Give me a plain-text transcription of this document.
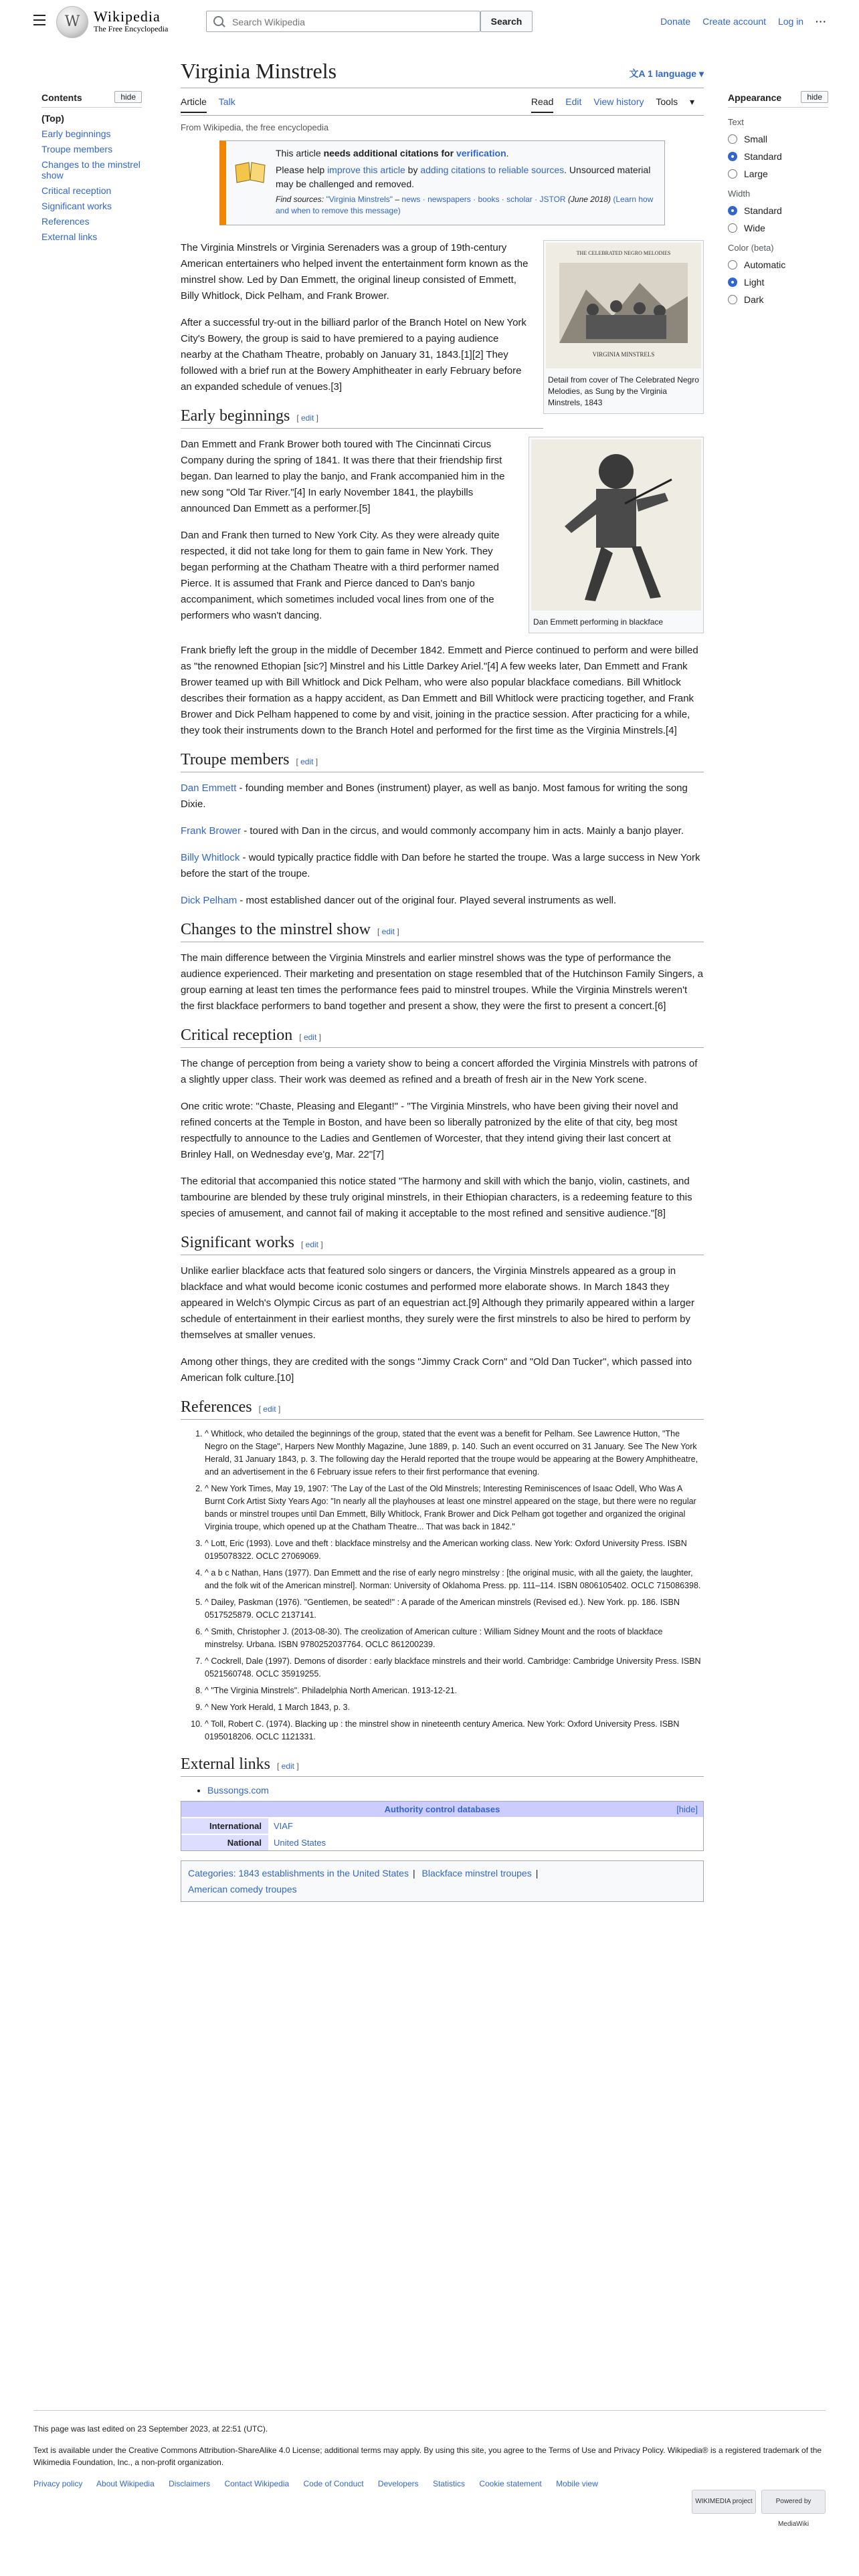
W Wikipedia
The Free Encyclopedia
Search Wikipedia
Search	Donate Create account Log in ···
Contents	hide
(Top)
Early beginnings
Troupe members
Changes to the minstrel show
Critical reception
Significant works
References
External links
Appearance	hide
Text
Small
Standard
Large
Width
Standard
Wide
Color (beta)
Automatic
Light
Dark
Virginia Minstrels	文A 1 language ▾
Article Talk	Read Edit View history Tools ▾
From Wikipedia, the free encyclopedia

This article needs additional citations for verification.

Please help improve this article by adding citations to reliable sources. Unsourced material may be challenged and removed.

Find sources: "Virginia Minstrels" – news · newspapers · books · scholar · JSTOR (June 2018) (Learn how and when to remove this message)

THE CELEBRATED NEGRO MELODIES
VIRGINIA MINSTRELS
Detail from cover of The Celebrated Negro Melodies, as Sung by the Virginia Minstrels, 1843

The Virginia Minstrels or Virginia Serenaders was a group of 19th-century American entertainers who helped invent the entertainment form known as the minstrel show. Led by Dan Emmett, the original lineup consisted of Emmett, Billy Whitlock, Dick Pelham, and Frank Brower.

After a successful try-out in the billiard parlor of the Branch Hotel on New York City's Bowery, the group is said to have premiered to a paying audience nearby at the Chatham Theatre, probably on January 31, 1843.[1][2] They followed with a brief run at the Bowery Amphitheater in early February before an expanded schedule of venues.[3]

Early beginnings [ edit ]
Dan Emmett performing in blackface

Dan Emmett and Frank Brower both toured with The Cincinnati Circus Company during the spring of 1841. It was there that their friendship first began. Dan learned to play the banjo, and Frank accompanied him in the new song "Old Tar River."[4] In early November 1841, the playbills announced Dan Emmett as a performer.[5]

Dan and Frank then turned to New York City. As they were already quite respected, it did not take long for them to gain fame in New York. They began performing at the Chatham Theatre with a third performer named Pierce. It is assumed that Frank and Pierce danced to Dan's banjo accompaniment, which sometimes included vocal lines from one of the performers who wasn't dancing.

Frank briefly left the group in the middle of December 1842. Emmett and Pierce continued to perform and were billed as "the renowned Ethopian [sic?] Minstrel and his Little Darkey Ariel."[4] A few weeks later, Dan Emmett and Frank Brower teamed up with Bill Whitlock and Dick Pelham, who were also popular blackface comedians. Bill Whitlock describes their formation as a happy accident, as Dan Emmett and Bill Whitlock were practicing together, and Frank Brower and Dick Pelham happened to come by and visit, joining in the practice session. After practicing for a while, they took their instruments down to the Branch Hotel and performed for the first time as the Virginia Minstrels.[4]

Troupe members [ edit ]

Dan Emmett - founding member and Bones (instrument) player, as well as banjo. Most famous for writing the song Dixie.

Frank Brower - toured with Dan in the circus, and would commonly accompany him in acts. Mainly a banjo player.

Billy Whitlock - would typically practice fiddle with Dan before he started the troupe. Was a large success in New York before the start of the troupe.

Dick Pelham - most established dancer out of the original four. Played several instruments as well.

Changes to the minstrel show [ edit ]

The main difference between the Virginia Minstrels and earlier minstrel shows was the type of performance the audience experienced. Their marketing and presentation on stage resembled that of the Hutchinson Family Singers, a group earning at least ten times the performance fees paid to minstrel troupes. While the Virginia Minstrels weren't the first blackface performers to band together and present a show, they were the first to present a concert.[6]

Critical reception [ edit ]

The change of perception from being a variety show to being a concert afforded the Virginia Minstrels with patrons of a slightly upper class. Their work was deemed as refined and a breath of fresh air in the New York scene.

One critic wrote: "Chaste, Pleasing and Elegant!" - "The Virginia Minstrels, who have been giving their novel and refined concerts at the Temple in Boston, and have been so liberally patronized by the elite of that city, beg most respectfully to announce to the Ladies and Gentlemen of Worcester, that they intend giving their last concert at Brinley Hall, on Wednesday eve'g, Mar. 22"[7]

The editorial that accompanied this notice stated "The harmony and skill with which the banjo, violin, castinets, and tambourine are blended by these truly original minstrels, in their Ethiopian characters, is a redeeming feature to this species of amusement, and cannot fail of making it acceptable to the most refined and sensitive audience."[8]

Significant works [ edit ]

Unlike earlier blackface acts that featured solo singers or dancers, the Virginia Minstrels appeared as a group in blackface and what would become iconic costumes and performed more elaborate shows. In March 1843 they appeared in Welch's Olympic Circus as part of an equestrian act.[9] Although they primarily appeared within a larger schedule of entertainment in their earliest months, they surely were the first minstrels to also be hired to perform by themselves at smaller venues.

Among other things, they are credited with the songs "Jimmy Crack Corn" and "Old Dan Tucker", which passed into American folk culture.[10]

References [ edit ]
1. ^ Whitlock, who detailed the beginnings of the group, stated that the event was a benefit for Pelham. See Lawrence Hutton, "The Negro on the Stage", Harpers New Monthly Magazine, June 1889, p. 140. Such an event occurred on 31 January. See The New York Herald, 31 January 1843, p. 3. The following day the Herald reported that the troupe would be appearing at the Bowery Amphitheatre, and an advertisement in the 6 February issue refers to their first performance that evening.
2. ^ New York Times, May 19, 1907: 'The Lay of the Last of the Old Minstrels; Interesting Reminiscences of Isaac Odell, Who Was A Burnt Cork Artist Sixty Years Ago: "In nearly all the playhouses at least one minstrel appeared on the stage, but there were no regular bands or minstrel troupes until Dan Emmett, Billy Whitlock, Frank Brower and Dick Pelham got together and organized the original Virginia troupe, which opened up at the Chatham Theatre... That was back in 1842."
3. ^ Lott, Eric (1993). Love and theft : blackface minstrelsy and the American working class. New York: Oxford University Press. ISBN 0195078322. OCLC 27069069.
4. ^ a b c Nathan, Hans (1977). Dan Emmett and the rise of early negro minstrelsy : [the original music, with all the gaiety, the laughter, and the folk wit of the American minstrel]. Norman: University of Oklahoma Press. pp. 111–114. ISBN 0806105402. OCLC 715086398.
5. ^ Dailey, Paskman (1976). "Gentlemen, be seated!" : A parade of the American minstrels (Revised ed.). New York. pp. 186. ISBN 0517525879. OCLC 2137141.
6. ^ Smith, Christopher J. (2013-08-30). The creolization of American culture : William Sidney Mount and the roots of blackface minstrelsy. Urbana. ISBN 9780252037764. OCLC 861200239.
7. ^ Cockrell, Dale (1997). Demons of disorder : early blackface minstrels and their world. Cambridge: Cambridge University Press. ISBN 0521560748. OCLC 35919255.
8. ^ "The Virginia Minstrels". Philadelphia North American. 1913-12-21.
9. ^ New York Herald, 1 March 1843, p. 3.
10. ^ Toll, Robert C. (1974). Blacking up : the minstrel show in nineteenth century America. New York: Oxford University Press. ISBN 0195018206. OCLC 1121331.
External links [ edit ]
• Bussongs.com
Authority control databases	[hide]
International	VIAF
National	United States
Categories: 1843 establishments in the United States | Blackface minstrel troupes |
American comedy troupes

This page was last edited on 23 September 2023, at 22:51 (UTC).

Text is available under the Creative Commons Attribution-ShareAlike 4.0 License; additional terms may apply. By using this site, you agree to the Terms of Use and Privacy Policy. Wikipedia® is a registered trademark of the Wikimedia Foundation, Inc., a non-profit organization.

Privacy policy About Wikipedia Disclaimers Contact Wikipedia Code of Conduct Developers Statistics Cookie statement Mobile view
WIKIMEDIA project	Powered by MediaWiki
